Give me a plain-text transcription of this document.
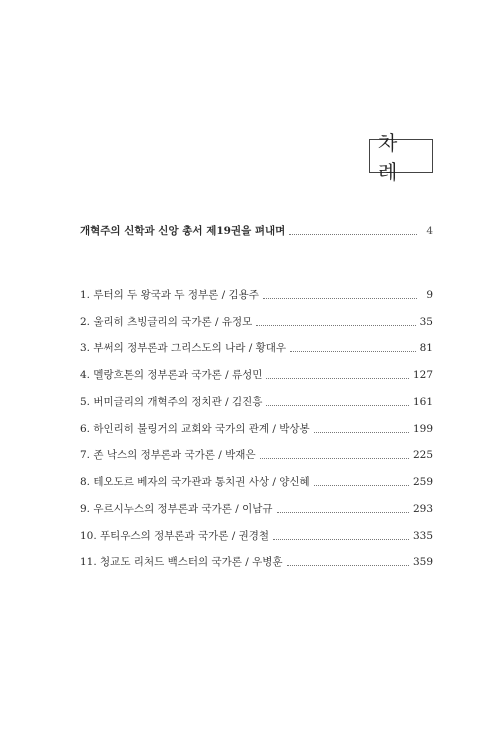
차 례
개혁주의 신학과 신앙 총서 제19권을 펴내며	4
1. 루터의 두 왕국과 두 정부론 / 김용주	9
2. 울리히 츠빙글리의 국가론 / 유정모	35
3. 부써의 정부론과 그리스도의 나라 / 황대우	81
4. 멜랑흐톤의 정부론과 국가론 / 류성민	127
5. 버미글리의 개혁주의 정치관 / 김진흥	161
6. 하인리히 불링거의 교회와 국가의 관계 / 박상봉	199
7. 존 낙스의 정부론과 국가론 / 박재은	225
8. 테오도르 베자의 국가관과 통치권 사상 / 양신혜	259
9. 우르시누스의 정부론과 국가론 / 이남규	293
10. 푸티우스의 정부론과 국가론 / 권경철	335
11. 청교도 리처드 백스터의 국가론 / 우병훈	359
